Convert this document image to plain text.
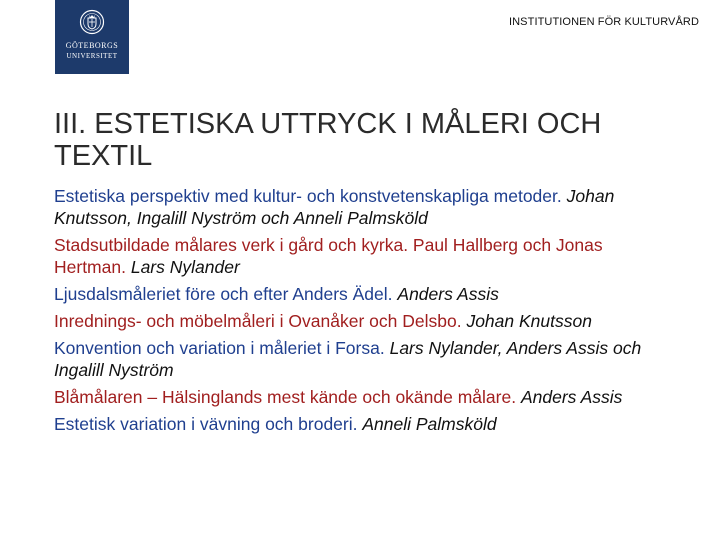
GÖTEBORGS
UNIVERSITET
INSTITUTIONEN FÖR KULTURVÅRD
III. ESTETISKA UTTRYCK I MÅLERI OCH TEXTIL

Estetiska perspektiv med kultur- och konstvetenskapliga metoder. Johan Knutsson, Ingalill Nyström och Anneli Palmsköld

Stadsutbildade målares verk i gård och kyrka. Paul Hallberg och Jonas Hertman. Lars Nylander

Ljusdalsmåleriet före och efter Anders Ädel. Anders Assis

Inrednings- och möbelmåleri i Ovanåker och Delsbo. Johan Knutsson

Konvention och variation i måleriet i Forsa. Lars Nylander, Anders Assis och Ingalill Nyström

Blåmålaren – Hälsinglands mest kände och okände målare. Anders Assis

Estetisk variation i vävning och broderi. Anneli Palmsköld
